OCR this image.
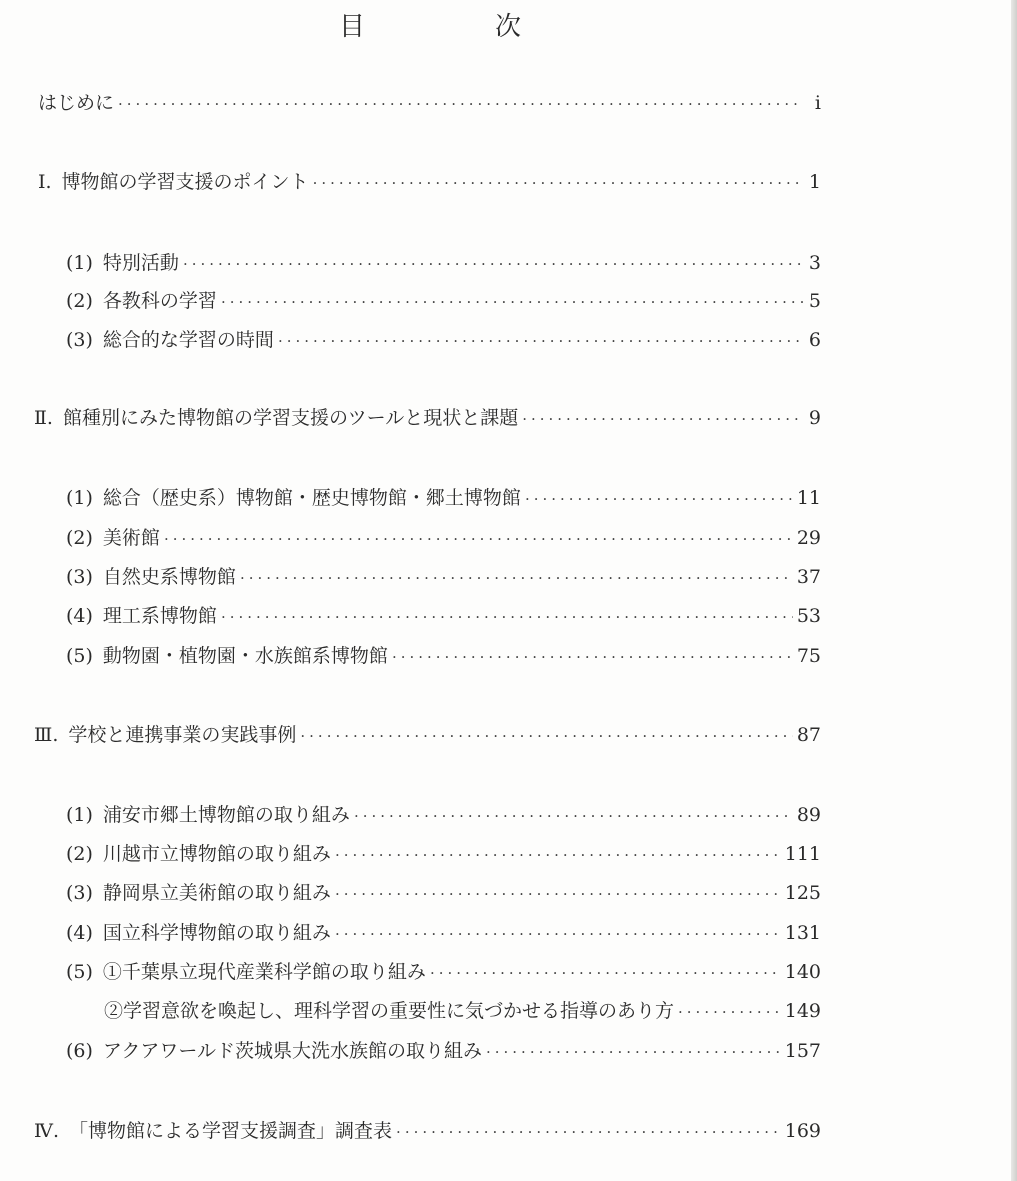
目　次
はじめに ·····	i
Ⅰ. 博物館の学習支援のポイント ·····	1
(1) 特別活動 ·····	3
(2) 各教科の学習 ·····	5
(3) 総合的な学習の時間 ·····	6
Ⅱ. 館種別にみた博物館の学習支援のツールと現状と課題 ·····	9
(1) 総合（歴史系）博物館・歴史博物館・郷土博物館 ·····	11
(2) 美術館 ·····	29
(3) 自然史系博物館 ·····	37
(4) 理工系博物館 ·····	53
(5) 動物園・植物園・水族館系博物館 ·····	75
Ⅲ. 学校と連携事業の実践事例 ·····	87
(1) 浦安市郷土博物館の取り組み ·····	89
(2) 川越市立博物館の取り組み ·····	111
(3) 静岡県立美術館の取り組み ·····	125
(4) 国立科学博物館の取り組み ·····	131
(5) ①千葉県立現代産業科学館の取り組み ·····	140
②学習意欲を喚起し、理科学習の重要性に気づかせる指導のあり方 ·····	149
(6) アクアワールド茨城県大洗水族館の取り組み ·····	157
Ⅳ. 「博物館による学習支援調査」調査表 ·····	169
